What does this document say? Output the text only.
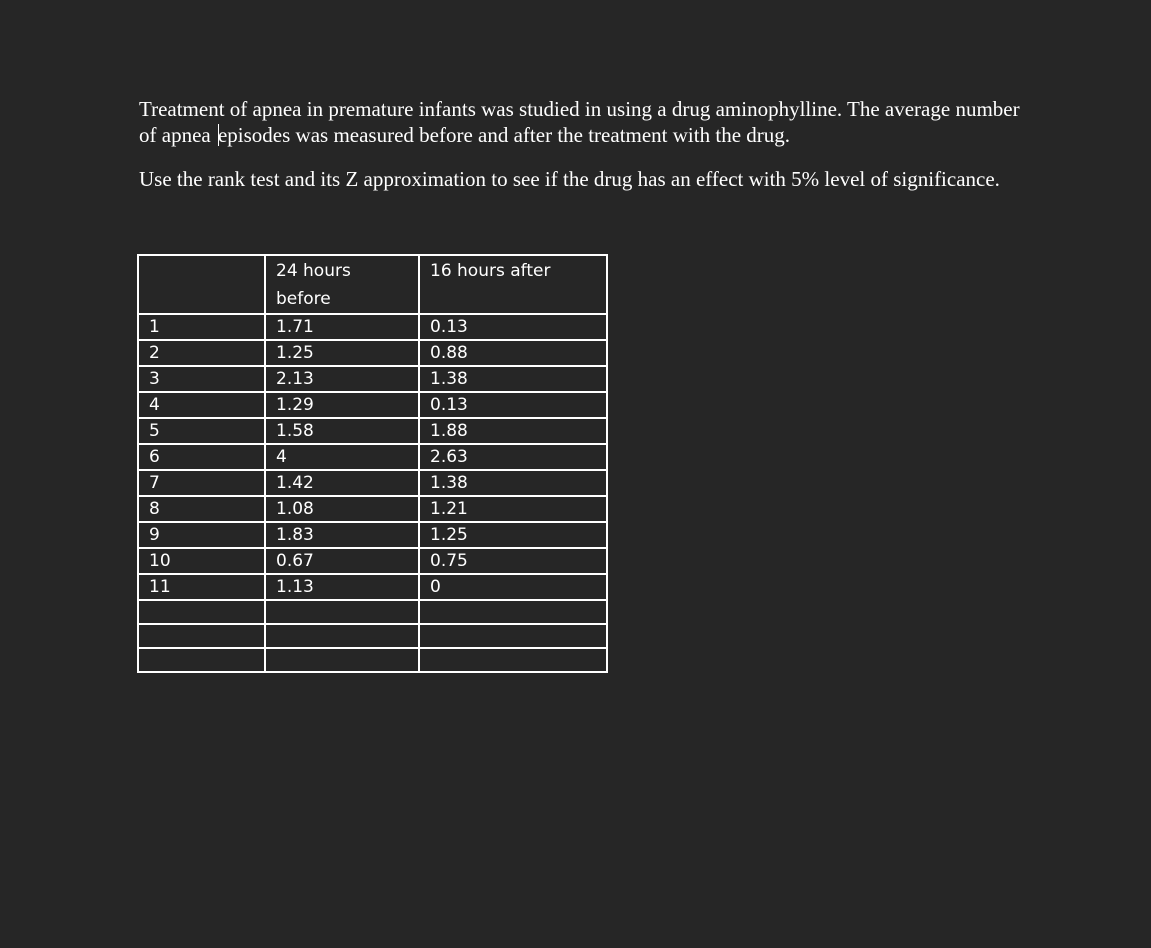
Treatment of apnea in premature infants was studied in using a drug aminophylline. The average number
of apnea episodes was measured before and after the treatment with the drug.

Use the rank test and its Z approximation to see if the drug has an effect with 5% level of significance.

	24 hours before	16 hours after
1	1.71	0.13
2	1.25	0.88
3	2.13	1.38
4	1.29	0.13
5	1.58	1.88
6	4	2.63
7	1.42	1.38
8	1.08	1.21
9	1.83	1.25
10	0.67	0.75
11	1.13	0
